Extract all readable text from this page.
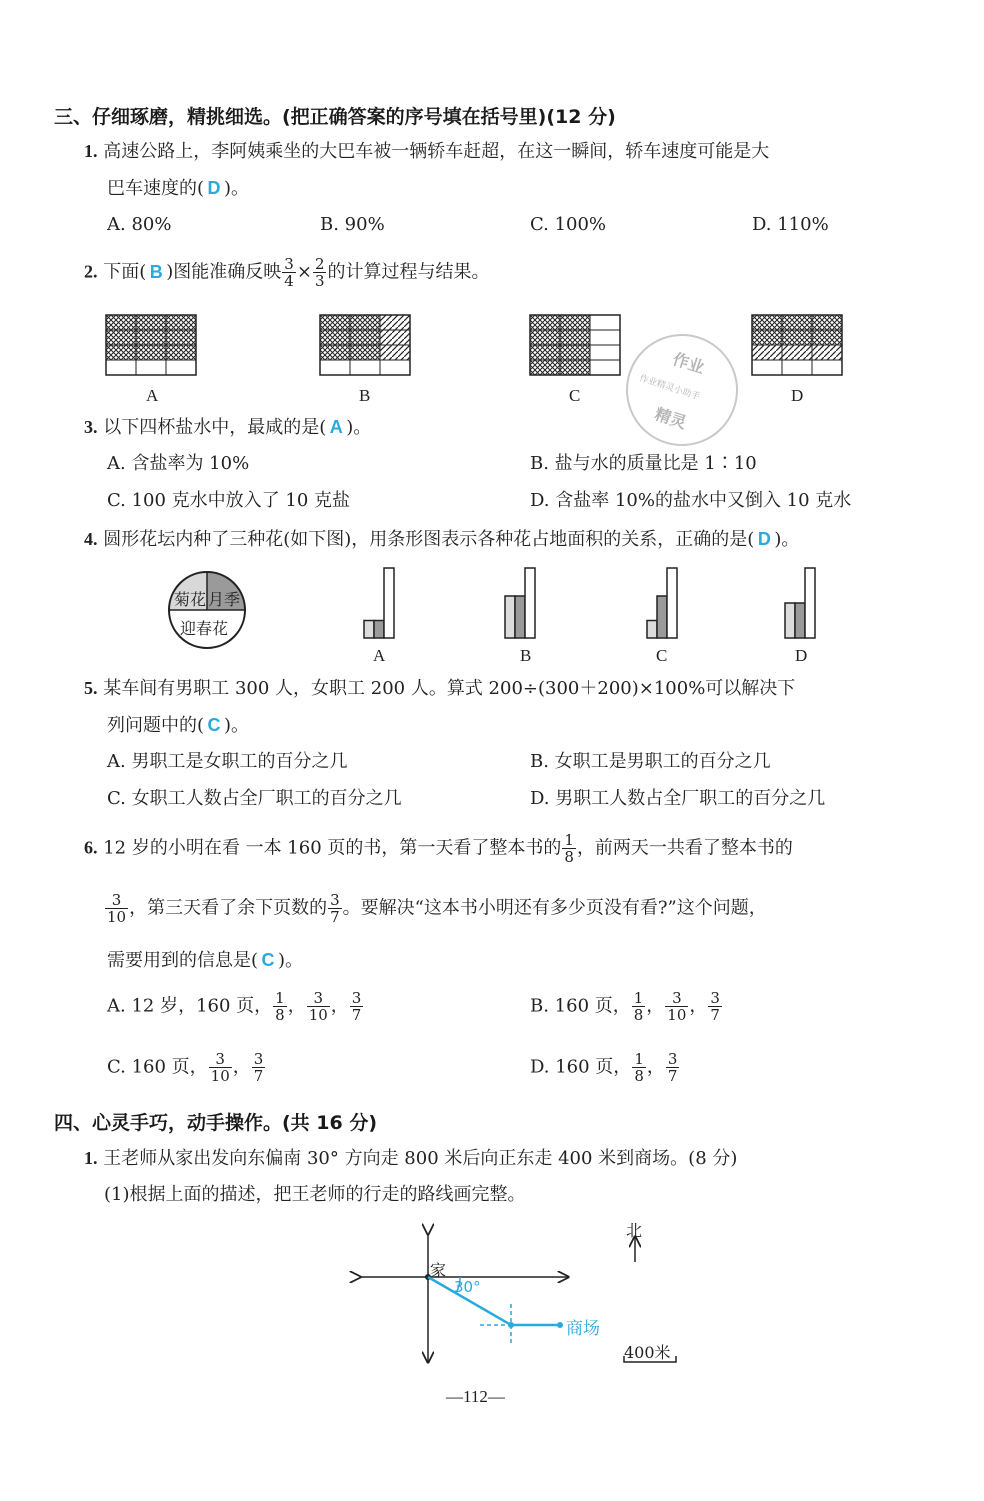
三、仔细琢磨，精挑细选。(把正确答案的序号填在括号里)(12 分)
1. 高速公路上，李阿姨乘坐的大巴车被一辆轿车赶超，在这一瞬间，轿车速度可能是大
巴车速度的( D )。
A. 80%	B. 90%	C. 100%	D. 110%
2. 下面( B )图能准确反映 $\frac{3}{4} \times \frac{2}{3}$ 的计算过程与结果。
A	B	C	D
作业
作业精灵小助手
精灵
3. 以下四杯盐水中，最咸的是( A )。
A. 含盐率为 10%	B. 盐与水的质量比是 1∶10
C. 100 克水中放入了 10 克盐	D. 含盐率 10%的盐水中又倒入 10 克水
4. 圆形花坛内种了三种花(如下图)，用条形图表示各种花占地面积的关系，正确的是( D )。
菊花 月季
迎春花
A	B	C	D
5. 某车间有男职工 300 人，女职工 200 人。算式 200÷(300＋200)×100%可以解决下
列问题中的( C )。
A. 男职工是女职工的百分之几	B. 女职工是男职工的百分之几
C. 女职工人数占全厂职工的百分之几	D. 男职工人数占全厂职工的百分之几
6. 12 岁的小明在看 一本 160 页的书，第一天看了整本书的 $\frac{1}{8}$ ，前两天一共看了整本书的
$\frac{3}{10}$ ，第三天看了余下页数的 $\frac{3}{7}$ 。要解决“这本书小明还有多少页没有看?”这个问题，
需要用到的信息是( C )。
A. 12 岁，160 页， $\frac{1}{8}$ ， $\frac{3}{10}$ ， $\frac{3}{7}$	B. 160 页， $\frac{1}{8}$ ， $\frac{3}{10}$ ， $\frac{3}{7}$
C. 160 页， $\frac{3}{10}$ ， $\frac{3}{7}$	D. 160 页， $\frac{1}{8}$ ， $\frac{3}{7}$
四、心灵手巧，动手操作。(共 16 分)
1. 王老师从家出发向东偏南 30° 方向走 800 米后向正东走 400 米到商场。(8 分)
(1)根据上面的描述，把王老师的行走的路线画完整。
家
30°
商场
北
400米
—112—
